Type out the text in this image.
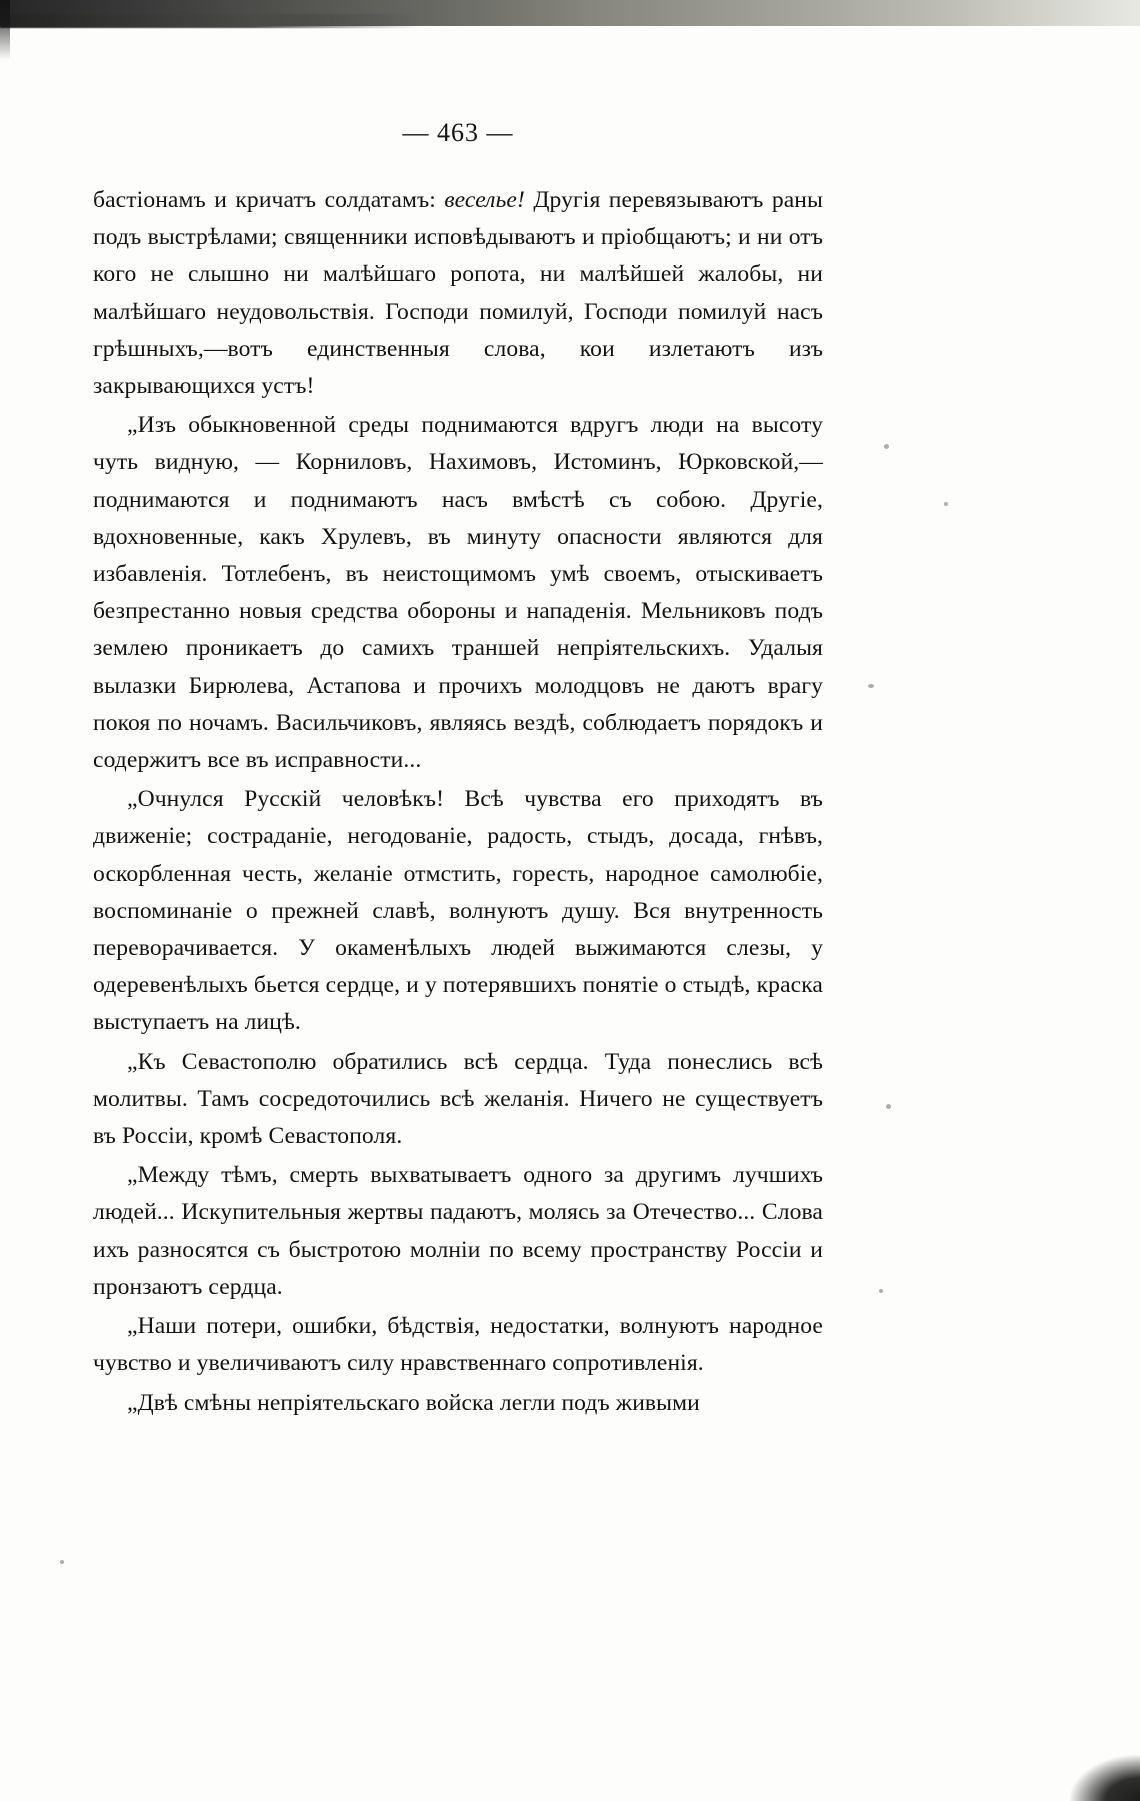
— 463 —

бастіонамъ и кричатъ солдатамъ: веселье! Другія перевязываютъ раны подъ выстрѣлами; священники исповѣдываютъ и пріобщаютъ; и ни отъ кого не слышно ни малѣйшаго ропота, ни малѣйшей жалобы, ни малѣйшаго неудовольствія. Господи помилуй, Господи помилуй насъ грѣшныхъ,—вотъ единственныя слова, кои излетаютъ изъ закрывающихся устъ!

„Изъ обыкновенной среды поднимаются вдругъ люди на высоту чуть видную, — Корниловъ, Нахимовъ, Истоминъ, Юрковской,—поднимаются и поднимаютъ насъ вмѣстѣ съ собою. Другіе, вдохновенные, какъ Хрулевъ, въ минуту опасности являются для избавленія. Тотлебенъ, въ неистощимомъ умѣ своемъ, отыскиваетъ безпрестанно новыя средства обороны и нападенія. Мельниковъ подъ землею проникаетъ до самихъ траншей непріятельскихъ. Удалыя вылазки Бирюлева, Астапова и прочихъ молодцовъ не даютъ врагу покоя по ночамъ. Васильчиковъ, являясь вездѣ, соблюдаетъ порядокъ и содержитъ все въ исправности...

„Очнулся Русскій человѣкъ! Всѣ чувства его приходятъ въ движеніе; состраданіе, негодованіе, радость, стыдъ, досада, гнѣвъ, оскорбленная честь, желаніе отмстить, горесть, народное самолюбіе, воспоминаніе о прежней славѣ, волнуютъ душу. Вся внутренность переворачивается. У окаменѣлыхъ людей выжимаются слезы, у одеревенѣлыхъ бьется сердце, и у потерявшихъ понятіе о стыдѣ, краска выступаетъ на лицѣ.

„Къ Севастополю обратились всѣ сердца. Туда понеслись всѣ молитвы. Тамъ сосредоточились всѣ желанія. Ничего не существуетъ въ Россіи, кромѣ Севастополя.

„Между тѣмъ, смерть выхватываетъ одного за другимъ лучшихъ людей... Искупительныя жертвы падаютъ, молясь за Отечество... Слова ихъ разносятся съ быстротою молніи по всему пространству Россіи и пронзаютъ сердца.

„Наши потери, ошибки, бѣдствія, недостатки, волнуютъ народное чувство и увеличиваютъ силу нравственнаго сопротивленія.

„Двѣ смѣны непріятельскаго войска легли подъ живыми
